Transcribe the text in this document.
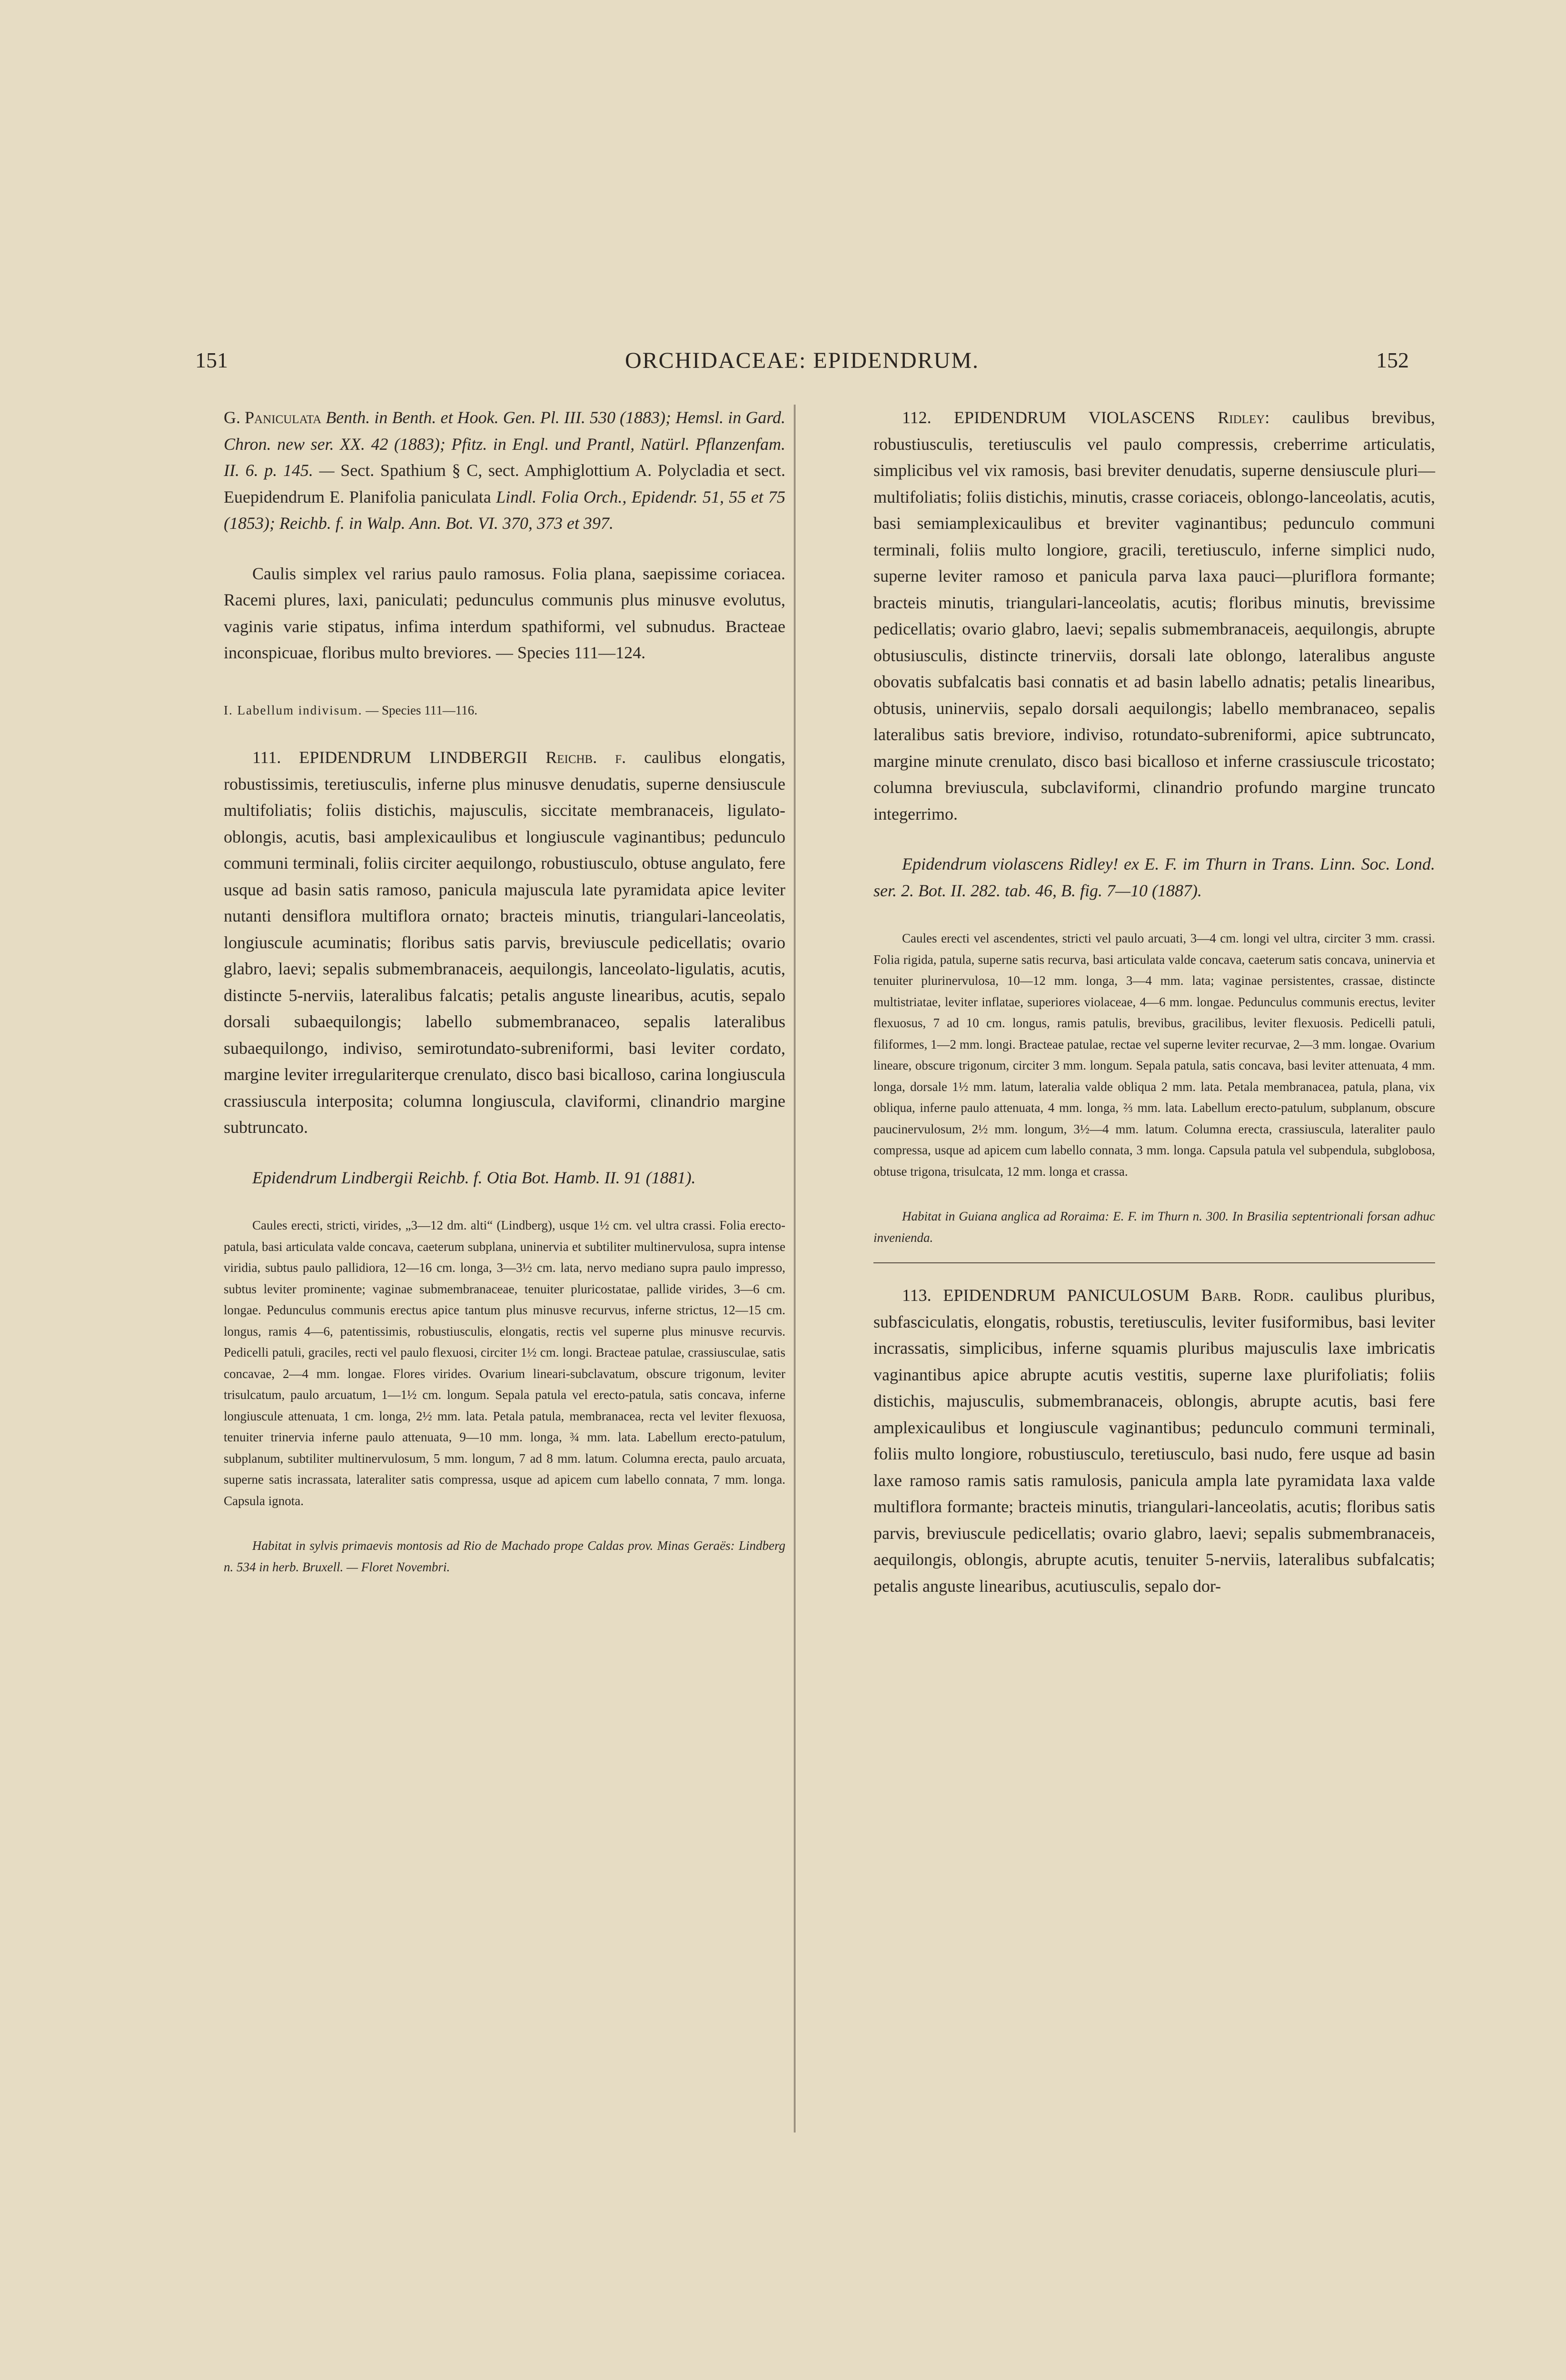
151	ORCHIDACEAE: EPIDENDRUM.	152

G. Paniculata Benth. in Benth. et Hook. Gen. Pl. III. 530 (1883); Hemsl. in Gard. Chron. new ser. XX. 42 (1883); Pfitz. in Engl. und Prantl, Natürl. Pflanzenfam. II. 6. p. 145. — Sect. Spathium § C, sect. Amphiglottium A. Polycladia et sect. Euepidendrum E. Planifolia paniculata Lindl. Folia Orch., Epidendr. 51, 55 et 75 (1853); Reichb. f. in Walp. Ann. Bot. VI. 370, 373 et 397.

Caulis simplex vel rarius paulo ramosus. Folia plana, saepissime coriacea. Racemi plures, laxi, paniculati; pedunculus communis plus minusve evolutus, vaginis varie stipatus, infima interdum spathiformi, vel subnudus. Bracteae inconspicuae, floribus multo breviores. — Species 111—124.

I. Labellum indivisum. — Species 111—116.

111. EPIDENDRUM LINDBERGII Reichb. f. caulibus elongatis, robustissimis, teretiusculis, inferne plus minusve denudatis, superne densiuscule multifoliatis; foliis distichis, majusculis, siccitate membranaceis, ligulato-oblongis, acutis, basi amplexicaulibus et longiuscule vaginantibus; pedunculo communi terminali, foliis circiter aequilongo, robustiusculo, obtuse angulato, fere usque ad basin satis ramoso, panicula majuscula late pyramidata apice leviter nutanti densiflora multiflora ornato; bracteis minutis, triangulari-lanceolatis, longiuscule acuminatis; floribus satis parvis, breviuscule pedicellatis; ovario glabro, laevi; sepalis submembranaceis, aequilongis, lanceolato-ligulatis, acutis, distincte 5-nerviis, lateralibus falcatis; petalis anguste linearibus, acutis, sepalo dorsali subaequilongis; labello submembranaceo, sepalis lateralibus subaequilongo, indiviso, semirotundato-subreniformi, basi leviter cordato, margine leviter irregulariterque crenulato, disco basi bicalloso, carina longiuscula crassiuscula interposita; columna longiuscula, claviformi, clinandrio margine subtruncato.

Epidendrum Lindbergii Reichb. f. Otia Bot. Hamb. II. 91 (1881).

Caules erecti, stricti, virides, „3—12 dm. alti“ (Lindberg), usque 1½ cm. vel ultra crassi. Folia erecto-patula, basi articulata valde concava, caeterum subplana, uninervia et subtiliter multinervulosa, supra intense viridia, subtus paulo pallidiora, 12—16 cm. longa, 3—3½ cm. lata, nervo mediano supra paulo impresso, subtus leviter prominente; vaginae submembranaceae, tenuiter pluricostatae, pallide virides, 3—6 cm. longae. Pedunculus communis erectus apice tantum plus minusve recurvus, inferne strictus, 12—15 cm. longus, ramis 4—6, patentissimis, robustiusculis, elongatis, rectis vel superne plus minusve recurvis. Pedicelli patuli, graciles, recti vel paulo flexuosi, circiter 1½ cm. longi. Bracteae patulae, crassiusculae, satis concavae, 2—4 mm. longae. Flores virides. Ovarium lineari-subclavatum, obscure trigonum, leviter trisulcatum, paulo arcuatum, 1—1½ cm. longum. Sepala patula vel erecto-patula, satis concava, inferne longiuscule attenuata, 1 cm. longa, 2½ mm. lata. Petala patula, membranacea, recta vel leviter flexuosa, tenuiter trinervia inferne paulo attenuata, 9—10 mm. longa, ¾ mm. lata. Labellum erecto-patulum, subplanum, subtiliter multinervulosum, 5 mm. longum, 7 ad 8 mm. latum. Columna erecta, paulo arcuata, superne satis incrassata, lateraliter satis compressa, usque ad apicem cum labello connata, 7 mm. longa. Capsula ignota.

Habitat in sylvis primaevis montosis ad Rio de Machado prope Caldas prov. Minas Geraës: Lindberg n. 534 in herb. Bruxell. — Floret Novembri.

112. EPIDENDRUM VIOLASCENS Ridley: caulibus brevibus, robustiusculis, teretiusculis vel paulo compressis, creberrime articulatis, simplicibus vel vix ramosis, basi breviter denudatis, superne densiuscule pluri—multifoliatis; foliis distichis, minutis, crasse coriaceis, oblongo-lanceolatis, acutis, basi semiamplexicaulibus et breviter vaginantibus; pedunculo communi terminali, foliis multo longiore, gracili, teretiusculo, inferne simplici nudo, superne leviter ramoso et panicula parva laxa pauci—pluriflora formante; bracteis minutis, triangulari-lanceolatis, acutis; floribus minutis, brevissime pedicellatis; ovario glabro, laevi; sepalis submembranaceis, aequilongis, abrupte obtusiusculis, distincte trinerviis, dorsali late oblongo, lateralibus anguste obovatis subfalcatis basi connatis et ad basin labello adnatis; petalis linearibus, obtusis, uninerviis, sepalo dorsali aequilongis; labello membranaceo, sepalis lateralibus satis breviore, indiviso, rotundato-subreniformi, apice subtruncato, margine minute crenulato, disco basi bicalloso et inferne crassiuscule tricostato; columna breviuscula, subclaviformi, clinandrio profundo margine truncato integerrimo.

Epidendrum violascens Ridley! ex E. F. im Thurn in Trans. Linn. Soc. Lond. ser. 2. Bot. II. 282. tab. 46, B. fig. 7—10 (1887).

Caules erecti vel ascendentes, stricti vel paulo arcuati, 3—4 cm. longi vel ultra, circiter 3 mm. crassi. Folia rigida, patula, superne satis recurva, basi articulata valde concava, caeterum satis concava, uninervia et tenuiter plurinervulosa, 10—12 mm. longa, 3—4 mm. lata; vaginae persistentes, crassae, distincte multistriatae, leviter inflatae, superiores violaceae, 4—6 mm. longae. Pedunculus communis erectus, leviter flexuosus, 7 ad 10 cm. longus, ramis patulis, brevibus, gracilibus, leviter flexuosis. Pedicelli patuli, filiformes, 1—2 mm. longi. Bracteae patulae, rectae vel superne leviter recurvae, 2—3 mm. longae. Ovarium lineare, obscure trigonum, circiter 3 mm. longum. Sepala patula, satis concava, basi leviter attenuata, 4 mm. longa, dorsale 1½ mm. latum, lateralia valde obliqua 2 mm. lata. Petala membranacea, patula, plana, vix obliqua, inferne paulo attenuata, 4 mm. longa, ⅔ mm. lata. Labellum erecto-patulum, subplanum, obscure paucinervulosum, 2½ mm. longum, 3½—4 mm. latum. Columna erecta, crassiuscula, lateraliter paulo compressa, usque ad apicem cum labello connata, 3 mm. longa. Capsula patula vel subpendula, subglobosa, obtuse trigona, trisulcata, 12 mm. longa et crassa.

Habitat in Guiana anglica ad Roraima: E. F. im Thurn n. 300. In Brasilia septentrionali forsan adhuc invenienda.

113. EPIDENDRUM PANICULOSUM Barb. Rodr. caulibus pluribus, subfasciculatis, elongatis, robustis, teretiusculis, leviter fusiformibus, basi leviter incrassatis, simplicibus, inferne squamis pluribus majusculis laxe imbricatis vaginantibus apice abrupte acutis vestitis, superne laxe plurifoliatis; foliis distichis, majusculis, submembranaceis, oblongis, abrupte acutis, basi fere amplexicaulibus et longiuscule vaginantibus; pedunculo communi terminali, foliis multo longiore, robustiusculo, teretiusculo, basi nudo, fere usque ad basin laxe ramoso ramis satis ramulosis, panicula ampla late pyramidata laxa valde multiflora formante; bracteis minutis, triangulari-lanceolatis, acutis; floribus satis parvis, breviuscule pedicellatis; ovario glabro, laevi; sepalis submembranaceis, aequilongis, oblongis, abrupte acutis, tenuiter 5-nerviis, lateralibus subfalcatis; petalis anguste linearibus, acutiusculis, sepalo dor-
